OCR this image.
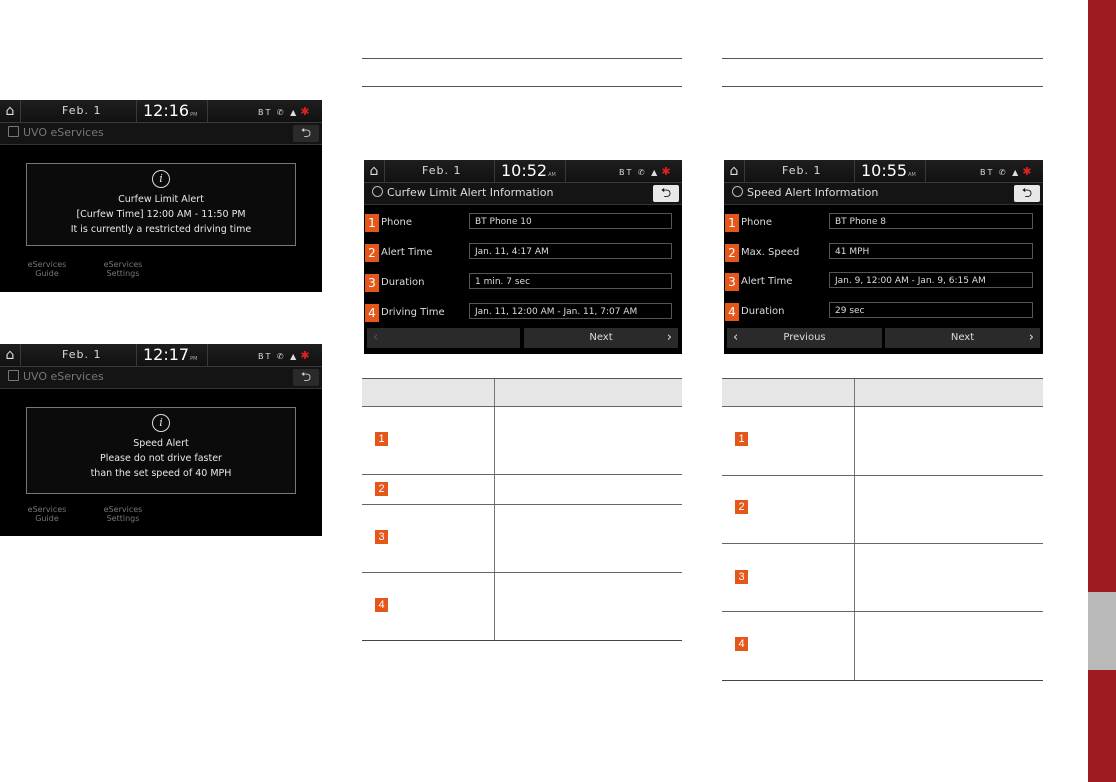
⌂	Feb. 1	12:16PM	BT ✆ ▲ ✱
UVO eServices	⮌
eServices
Guide
eServices
Settings
i
Curfew Limit Alert
[Curfew Time] 12:00 AM - 11:50 PM
It is currently a restricted driving time
⌂	Feb. 1	12:17PM	BT ✆ ▲ ✱
UVO eServices	⮌
eServices
Guide
eServices
Settings
i
Speed Alert
Please do not drive faster
than the set speed of 40 MPH
⌂	Feb. 1	10:52AM	BT ✆ ▲ ✱
Curfew Limit Alert Information	⮌
1 Phone	BT Phone 10
2 Alert Time	Jan. 11, 4:17 AM
3 Duration	1 min. 7 sec
4 Driving Time	Jan. 11, 12:00 AM - Jan. 11, 7:07 AM
‹	Next	›
⌂	Feb. 1	10:55AM	BT ✆ ▲ ✱
Speed Alert Information	⮌
1 Phone	BT Phone 8
2 Max. Speed	41 MPH
3 Alert Time	Jan. 9, 12:00 AM - Jan. 9, 6:15 AM
4 Duration	29 sec
‹	Previous	Next	›
1
2
3
4
1
2
3
4
